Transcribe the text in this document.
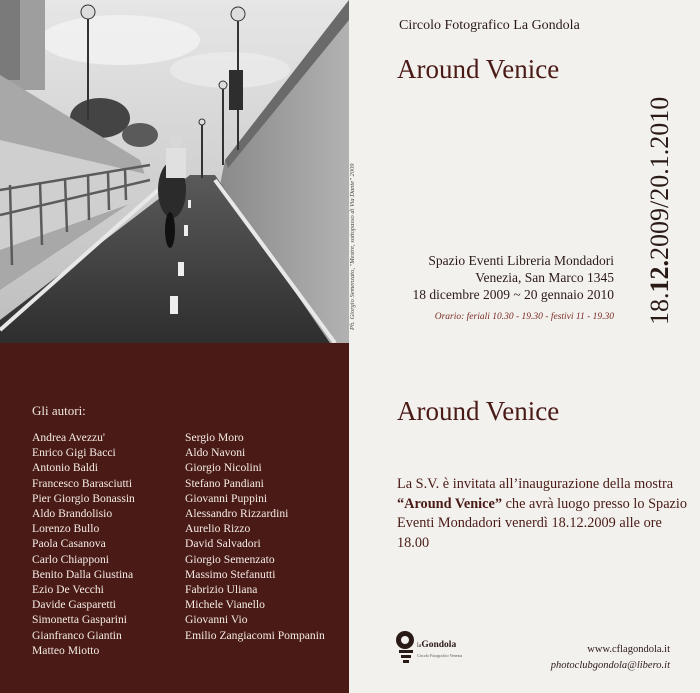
Ph. Giorgio Semenzato, "Mestre, sottopasso di Via Dante" 2009
Gli autori:
Andrea Avezzu'
Enrico Gigi Bacci
Antonio Baldi
Francesco Barasciutti
Pier Giorgio Bonassin
Aldo Brandolisio
Lorenzo Bullo
Paola Casanova
Carlo Chiapponi
Benito Dalla Giustina
Ezio De Vecchi
Davide Gasparetti
Simonetta Gasparini
Gianfranco Giantin
Matteo Miotto
Sergio Moro
Aldo Navoni
Giorgio Nicolini
Stefano Pandiani
Giovanni Puppini
Alessandro Rizzardini
Aurelio Rizzo
David Salvadori
Giorgio Semenzato
Massimo Stefanutti
Fabrizio Uliana
Michele Vianello
Giovanni Vio
Emilio Zangiacomi Pompanin
Circolo Fotografico La Gondola
Around Venice
Spazio Eventi Libreria Mondadori
Venezia, San Marco 1345
18 dicembre 2009 ~ 20 gennaio 2010
Orario: feriali 10.30 - 19.30 - festivi 11 - 19.30 18.12.2009/20.1.2010
Around Venice
La S.V. è invitata all’inaugurazione della mostra “Around Venice” che avrà luogo presso lo Spazio Eventi Mondadori venerdì 18.12.2009 alle ore 18.00
laGondola
Circolo Fotografico Venezia
www.cflagondola.it
photoclubgondola@libero.it
